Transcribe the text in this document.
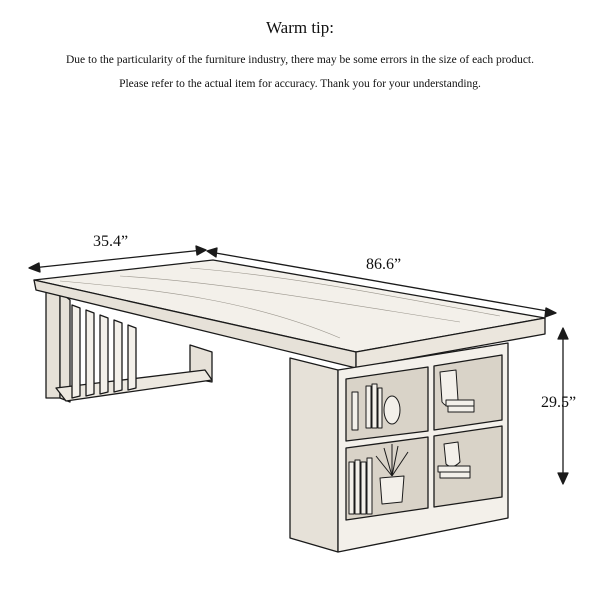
Warm tip:
Due to the particularity of the furniture industry, there may be some errors in the size of each product.
Please refer to the actual item for accuracy. Thank you for your understanding.
35.4”
86.6”
29.5”
